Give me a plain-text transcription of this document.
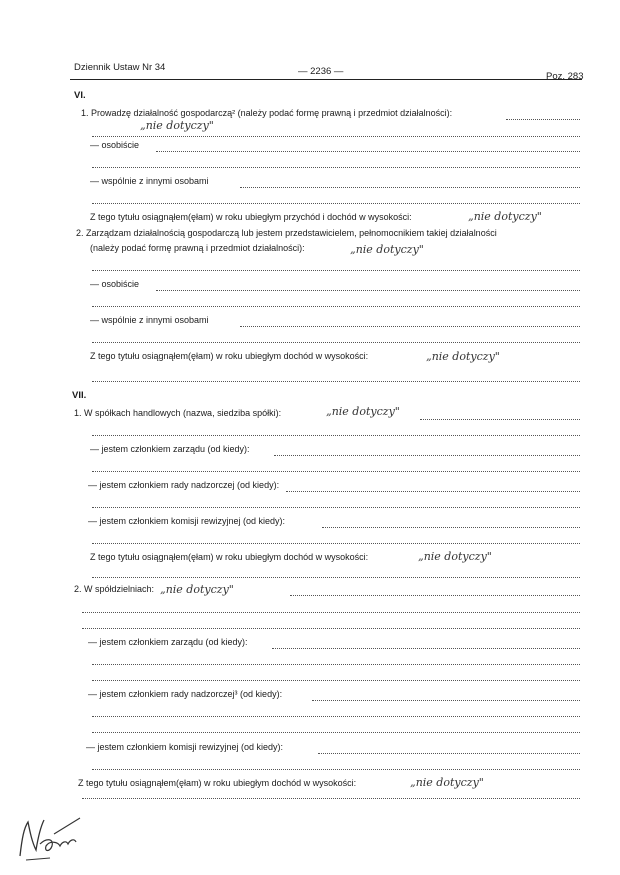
Dziennik Ustaw Nr 34	— 2236 —	Poz. 283
VI.
1. Prowadzę działalność gospodarczą² (należy podać formę prawną i przedmiot działalności):
„nie dotyczy"
— osobiście
— wspólnie z innymi osobami
Z tego tytułu osiągnąłem(ęłam) w roku ubiegłym przychód i dochód w wysokości:	„nie dotyczy"
2. Zarządzam działalnością gospodarczą lub jestem przedstawicielem, pełnomocnikiem takiej działalności
(należy podać formę prawną i przedmiot działalności):	„nie dotyczy"
— osobiście
— wspólnie z innymi osobami
Z tego tytułu osiągnąłem(ęłam) w roku ubiegłym dochód w wysokości:	„nie dotyczy"
VII.
1. W spółkach handlowych (nazwa, siedziba spółki):	„nie dotyczy"
— jestem członkiem zarządu (od kiedy):
— jestem członkiem rady nadzorczej (od kiedy):
— jestem członkiem komisji rewizyjnej (od kiedy):
Z tego tytułu osiągnąłem(ęłam) w roku ubiegłym dochód w wysokości:	„nie dotyczy"
2. W spółdzielniach: „nie dotyczy"
— jestem członkiem zarządu (od kiedy):
— jestem członkiem rady nadzorczej³ (od kiedy):
— jestem członkiem komisji rewizyjnej (od kiedy):
Z tego tytułu osiągnąłem(ęłam) w roku ubiegłym dochód w wysokości:	„nie dotyczy"
